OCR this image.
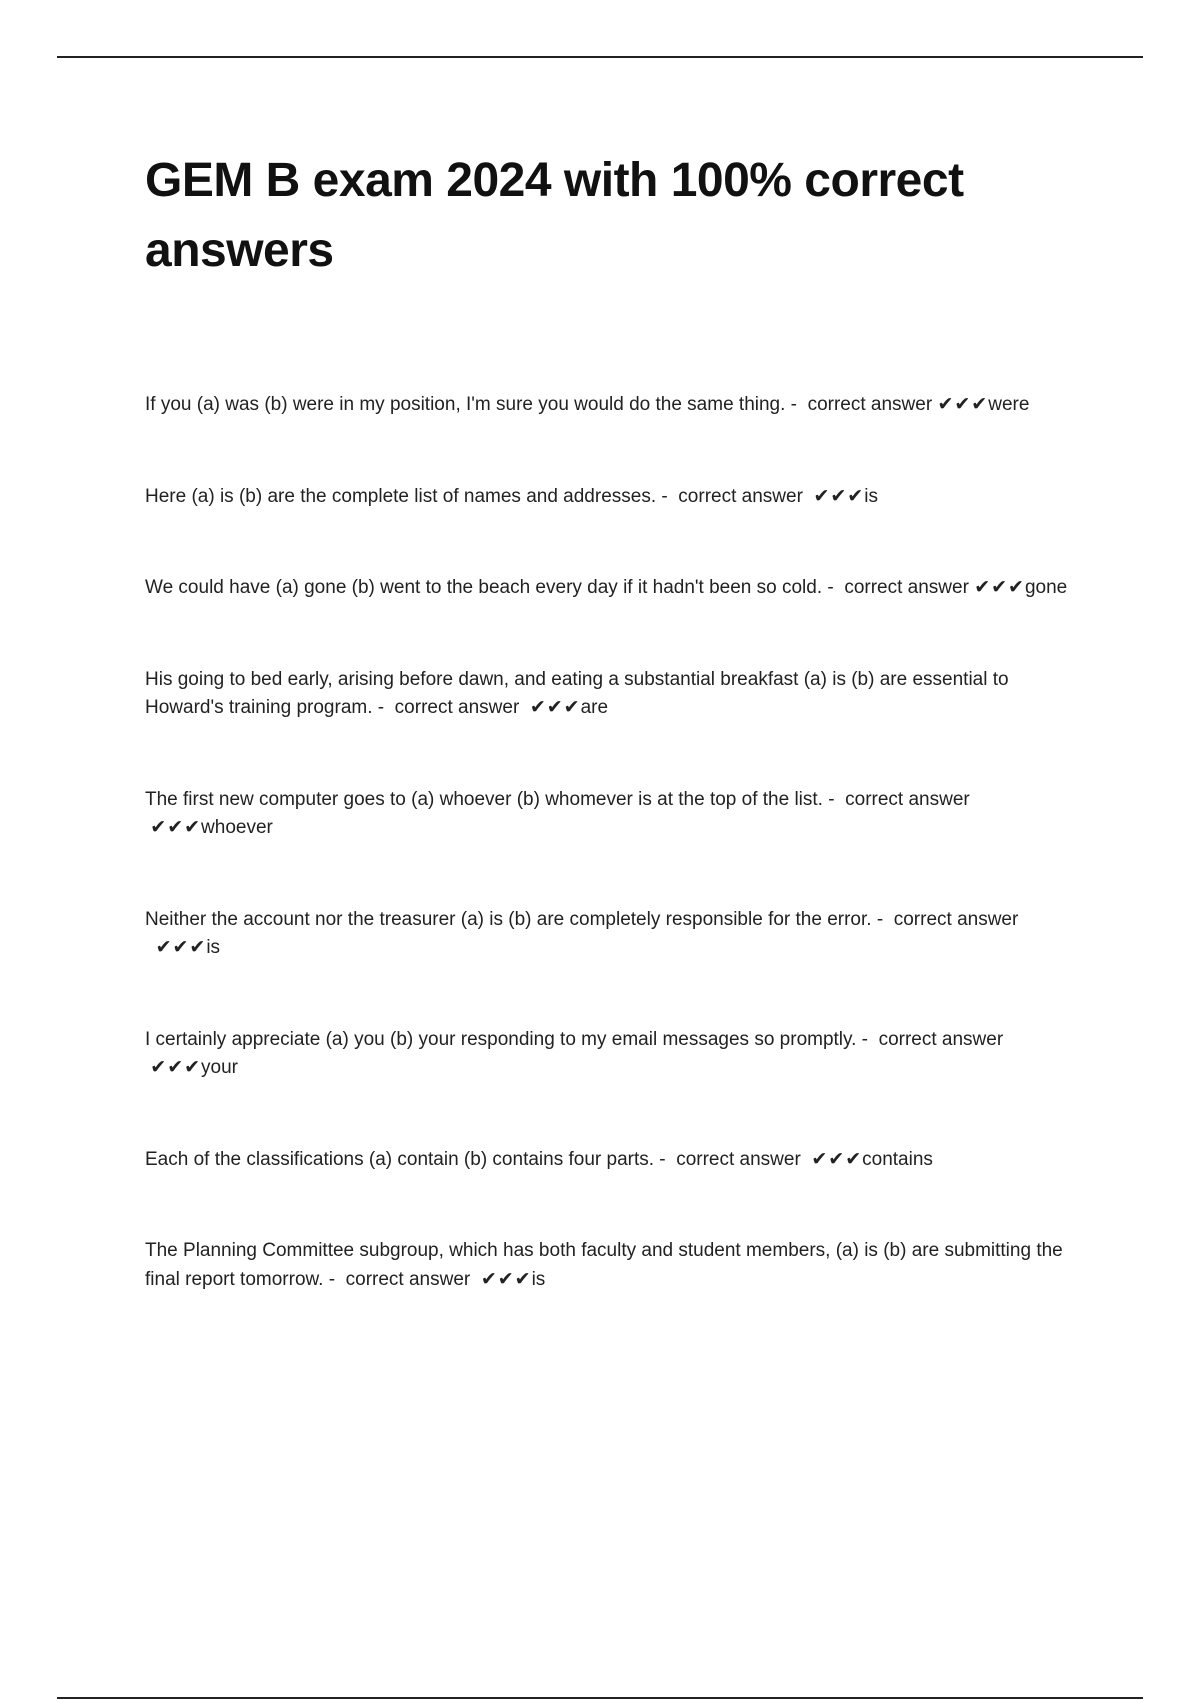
GEM B exam 2024 with 100% correct answers
If you (a) was (b) were in my position, I'm sure you would do the same thing. -  correct answer ✔✔✔were
Here (a) is (b) are the complete list of names and addresses. -  correct answer ✔✔✔is
We could have (a) gone (b) went to the beach every day if it hadn't been so cold. -  correct answer ✔✔✔gone
His going to bed early, arising before dawn, and eating a substantial breakfast (a) is (b) are essential to Howard's training program. -  correct answer ✔✔✔are
The first new computer goes to (a) whoever (b) whomever is at the top of the list. -  correct answer ✔✔✔whoever
Neither the account nor the treasurer (a) is (b) are completely responsible for the error. -  correct answer  ✔✔✔is
I certainly appreciate (a) you (b) your responding to my email messages so promptly. -  correct answer ✔✔✔your
Each of the classifications (a) contain (b) contains four parts. -  correct answer ✔✔✔contains
The Planning Committee subgroup, which has both faculty and student members, (a) is (b) are submitting the final report tomorrow. -  correct answer ✔✔✔is
